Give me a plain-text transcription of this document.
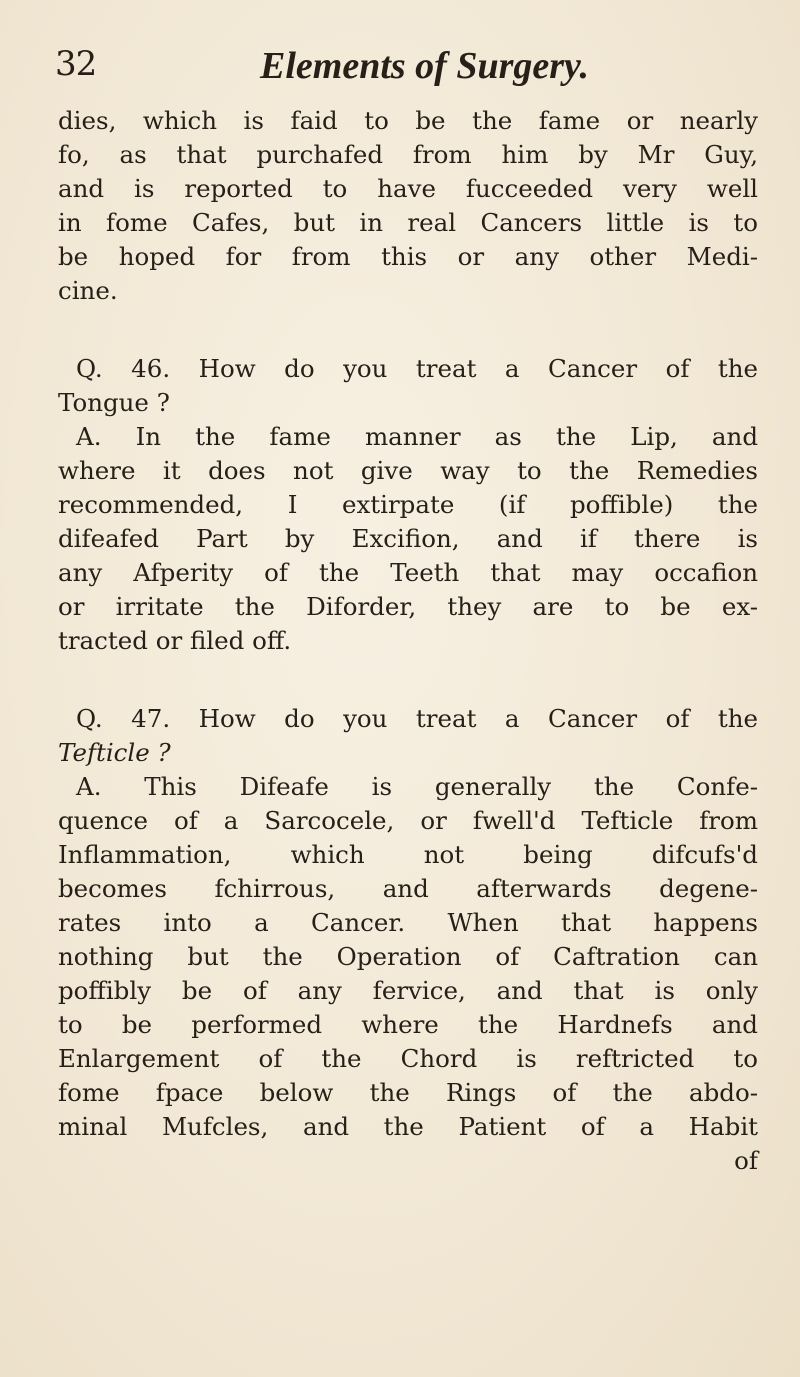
32	Elements of Surgery.
dies, which is faid to be the fame or nearly
fo, as that purchafed from him by Mr Guy,
and is reported to have fucceeded very well
in fome Cafes, but in real Cancers little is to
be hoped for from this or any other Medi-
cine.
Q. 46. How do you treat a Cancer of the
Tongue ?
A. In the fame manner as the Lip, and
where it does not give way to the Remedies
recommended, I extirpate (if poffible) the
difeafed Part by Excifion, and if there is
any Afperity of the Teeth that may occafion
or irritate the Diforder, they are to be ex-
tracted or filed off.
Q. 47. How do you treat a Cancer of the
Tefticle ?
A. This Difeafe is generally the Confe-
quence of a Sarcocele, or fwell'd Tefticle from
Inflammation, which not being difcufs'd
becomes fchirrous, and afterwards degene-
rates into a Cancer. When that happens
nothing but the Operation of Caftration can
poffibly be of any fervice, and that is only
to be performed where the Hardnefs and
Enlargement of the Chord is reftricted to
fome fpace below the Rings of the abdo-
minal Mufcles, and the Patient of a Habit
of
